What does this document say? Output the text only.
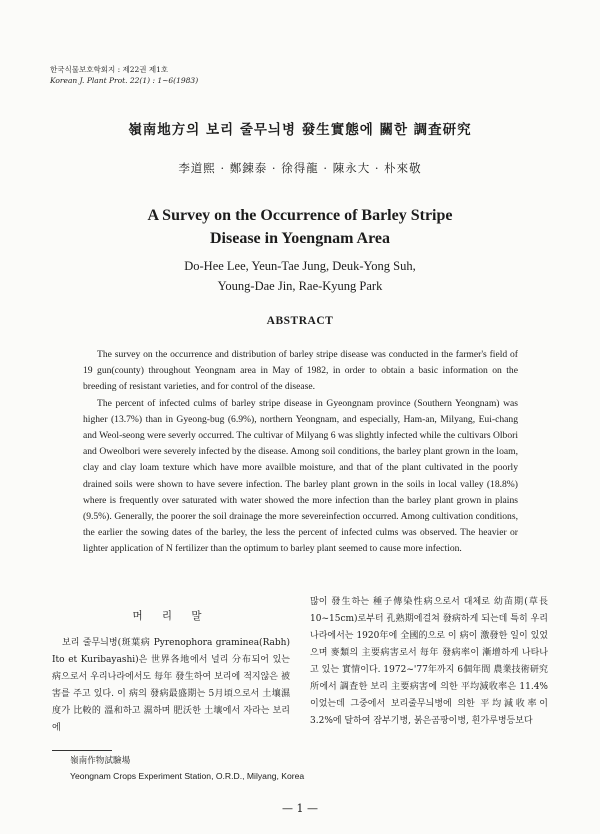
한국식물보호학회지 : 제22권 제1호
Korean J. Plant Prot. 22(1) : 1~6(1983)
嶺南地方의 보리 줄무늬병 發生實態에 關한 調査研究
李道熙 · 鄭錬泰 · 徐得龍 · 陳永大 · 朴來敬
A Survey on the Occurrence of Barley Stripe
Disease in Yoengnam Area
Do-Hee Lee, Yeun-Tae Jung, Deuk-Yong Suh,
Young-Dae Jin, Rae-Kyung Park
ABSTRACT

The survey on the occurrence and distribution of barley stripe disease was conducted in the farmer's field of 19 gun(county) throughout Yeongnam area in May of 1982, in order to obtain a basic information on the breeding of resistant varieties, and for control of the disease.

The percent of infected culms of barley stripe disease in Gyeongnam province (Southern Yeongnam) was higher (13.7%) than in Gyeong-bug (6.9%), northern Yeongnam, and especially, Ham-an, Milyang, Eui-chang and Weol-seong were severly occurred. The cultivar of Milyang 6 was slightly infected while the cultivars Olbori and Oweolbori were severely infected by the disease. Among soil conditions, the barley plant grown in the loam, clay and clay loam texture which have more availble moisture, and that of the plant cultivated in the poorly drained soils were shown to have severe infection. The barley plant grown in the soils in local valley (18.8%) where is frequently over saturated with water showed the more infection than the barley plant grown in plains (9.5%). Generally, the poorer the soil drainage the more severeinfection occurred. Among cultivation conditions, the earlier the sowing dates of the barley, the less the percent of infected culms was observed. The heavier or lighter application of N fertilizer than the optimum to barley plant seemed to cause more infection.

머 리 말

보리 줄무늬병(斑葉病 Pyrenophora graminea(Rabh) Ito et Kuribayashi)은 世界各地에서 널리 分布되어 있는 病으로서 우리나라에서도 每年 發生하여 보리에 적지않은 被害를 주고 있다. 이 病의 發病最盛期는 5月頃으로서 土壤濕度가 比較的 溫和하고 濕하며 肥沃한 土壤에서 자라는 보리에

많이 發生하는 種子傳染性病으로서 대체로 幼苗期(草長 10~15cm)로부터 孔熟期에걸쳐 發病하게 되는데 특히 우리나라에서는 1920年에 全國的으로 이 病이 激發한 일이 있었으며 麥類의 主要病害로서 每年 發病率이 漸增하게 나타나고 있는 實情이다. 1972~'77年까지 6個年間 農業技術研究所에서 調査한 보리 主要病害에 의한 平均減收率은 11.4%이었는데 그중에서 보리줄무늬병에 의한 平均減收率이 3.2%에 달하여 잠부기병, 붉은곰팡이병, 흰가루병등보다

嶺南作物試驗場
Yeongnam Crops Experiment Station, O.R.D., Milyang, Korea
— 1 —
